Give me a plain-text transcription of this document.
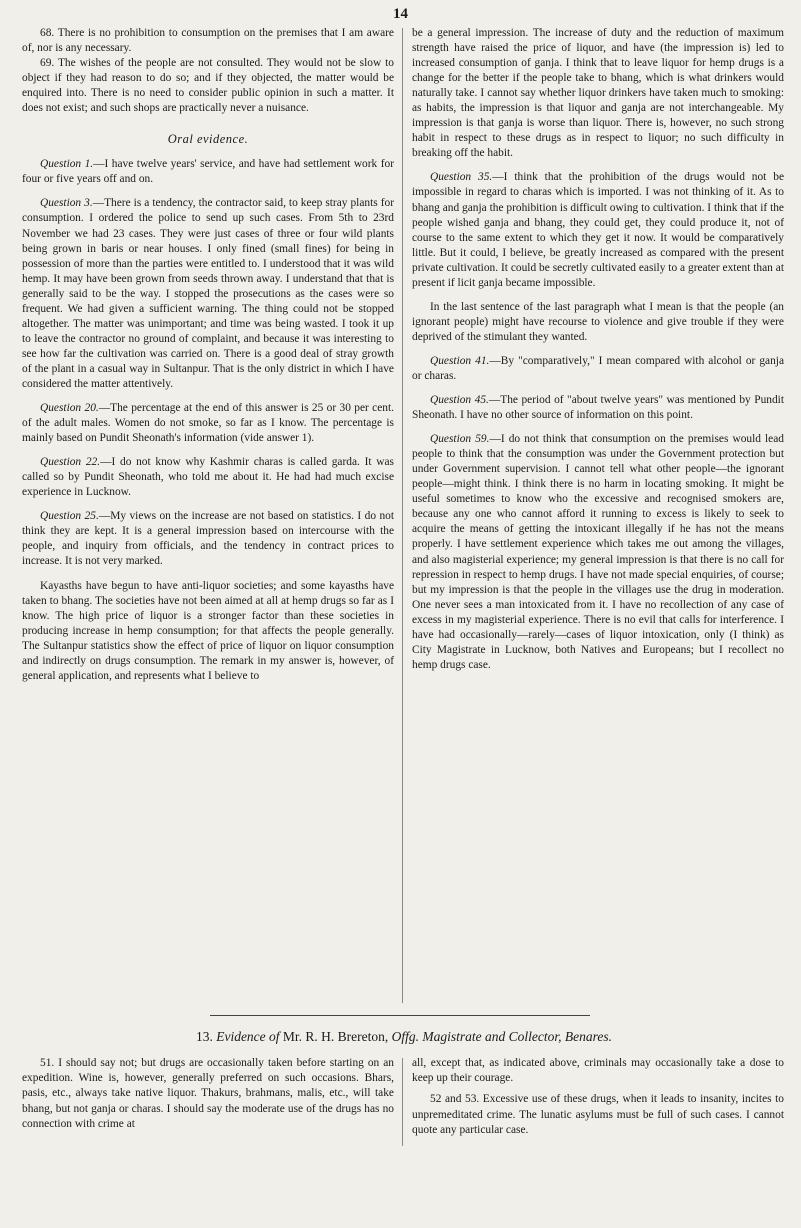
14

68. There is no prohibition to consumption on the premises that I am aware of, nor is any necessary.

69. The wishes of the people are not consulted. They would not be slow to object if they had reason to do so; and if they objected, the matter would be enquired into. There is no need to consider public opinion in such a matter. It does not exist; and such shops are practically never a nuisance.

Oral evidence.

Question 1.—I have twelve years' service, and have had settlement work for four or five years off and on.

Question 3.—There is a tendency, the contractor said, to keep stray plants for consumption. I ordered the police to send up such cases. From 5th to 23rd November we had 23 cases. They were just cases of three or four wild plants being grown in baris or near houses. I only fined (small fines) for being in possession of more than the parties were entitled to. I understood that it was wild hemp. It may have been grown from seeds thrown away. I understand that that is generally said to be the way. I stopped the prosecutions as the cases were so frequent. We had given a sufficient warning. The thing could not be stopped altogether. The matter was unimportant; and time was being wasted. I took it up to leave the contractor no ground of complaint, and because it was interesting to see how far the cultivation was carried on. There is a good deal of stray growth of the plant in a casual way in Sultanpur. That is the only district in which I have considered the matter attentively.

Question 20.—The percentage at the end of this answer is 25 or 30 per cent. of the adult males. Women do not smoke, so far as I know. The percentage is mainly based on Pundit Sheonath's information (vide answer 1).

Question 22.—I do not know why Kashmir charas is called garda. It was called so by Pundit Sheonath, who told me about it. He had had much excise experience in Lucknow.

Question 25.—My views on the increase are not based on statistics. I do not think they are kept. It is a general impression based on intercourse with the people, and inquiry from officials, and the tendency in contract prices to increase. It is not very marked.

Kayasths have begun to have anti-liquor societies; and some kayasths have taken to bhang. The societies have not been aimed at all at hemp drugs so far as I know. The high price of liquor is a stronger factor than these societies in producing increase in hemp consumption; for that affects the people generally. The Sultanpur statistics show the effect of price of liquor on liquor consumption and indirectly on drugs consumption. The remark in my answer is, however, of general application, and represents what I believe to

be a general impression. The increase of duty and the reduction of maximum strength have raised the price of liquor, and have (the impression is) led to increased consumption of ganja. I think that to leave liquor for hemp drugs is a change for the better if the people take to bhang, which is what drinkers would naturally take. I cannot say whether liquor drinkers have taken much to smoking: as habits, the impression is that liquor and ganja are not interchangeable. My impression is that ganja is worse than liquor. There is, however, no such strong habit in respect to these drugs as in respect to liquor; no such difficulty in breaking off the habit.

Question 35.—I think that the prohibition of the drugs would not be impossible in regard to charas which is imported. I was not thinking of it. As to bhang and ganja the prohibition is difficult owing to cultivation. I think that if the people wished ganja and bhang, they could get, they could produce it, not of course to the same extent to which they get it now. It would be comparatively little. But it could, I believe, be greatly increased as compared with the present private cultivation. It could be secretly cultivated easily to a greater extent than at present if licit ganja became impossible.

In the last sentence of the last paragraph what I mean is that the people (an ignorant people) might have recourse to violence and give trouble if they were deprived of the stimulant they wanted.

Question 41.—By "comparatively," I mean compared with alcohol or ganja or charas.

Question 45.—The period of "about twelve years" was mentioned by Pundit Sheonath. I have no other source of information on this point.

Question 59.—I do not think that consumption on the premises would lead people to think that the consumption was under the Government protection but under Government supervision. I cannot tell what other people—the ignorant people—might think. I think there is no harm in locating smoking. It might be useful sometimes to know who the excessive and recognised smokers are, because any one who cannot afford it running to excess is likely to seek to acquire the means of getting the intoxicant illegally if he has not the means properly. I have settlement experience which takes me out among the villages, and also magisterial experience; my general impression is that there is no call for repression in respect to hemp drugs. I have not made special enquiries, of course; but my impression is that the people in the villages use the drug in moderation. One never sees a man intoxicated from it. I have no recollection of any case of excess in my magisterial experience. There is no evil that calls for interference. I have had occasionally—rarely—cases of liquor intoxication, only (I think) as City Magistrate in Lucknow, both Natives and Europeans; but I recollect no hemp drugs case.

13. Evidence of Mr. R. H. Brereton, Offg. Magistrate and Collector, Benares.

51. I should say not; but drugs are occasionally taken before starting on an expedition. Wine is, however, generally preferred on such occasions. Bhars, pasis, etc., always take native liquor. Thakurs, brahmans, malis, etc., will take bhang, but not ganja or charas. I should say the moderate use of the drugs has no connection with crime at

all, except that, as indicated above, criminals may occasionally take a dose to keep up their courage.

52 and 53. Excessive use of these drugs, when it leads to insanity, incites to unpremeditated crime. The lunatic asylums must be full of such cases. I cannot quote any particular case.
